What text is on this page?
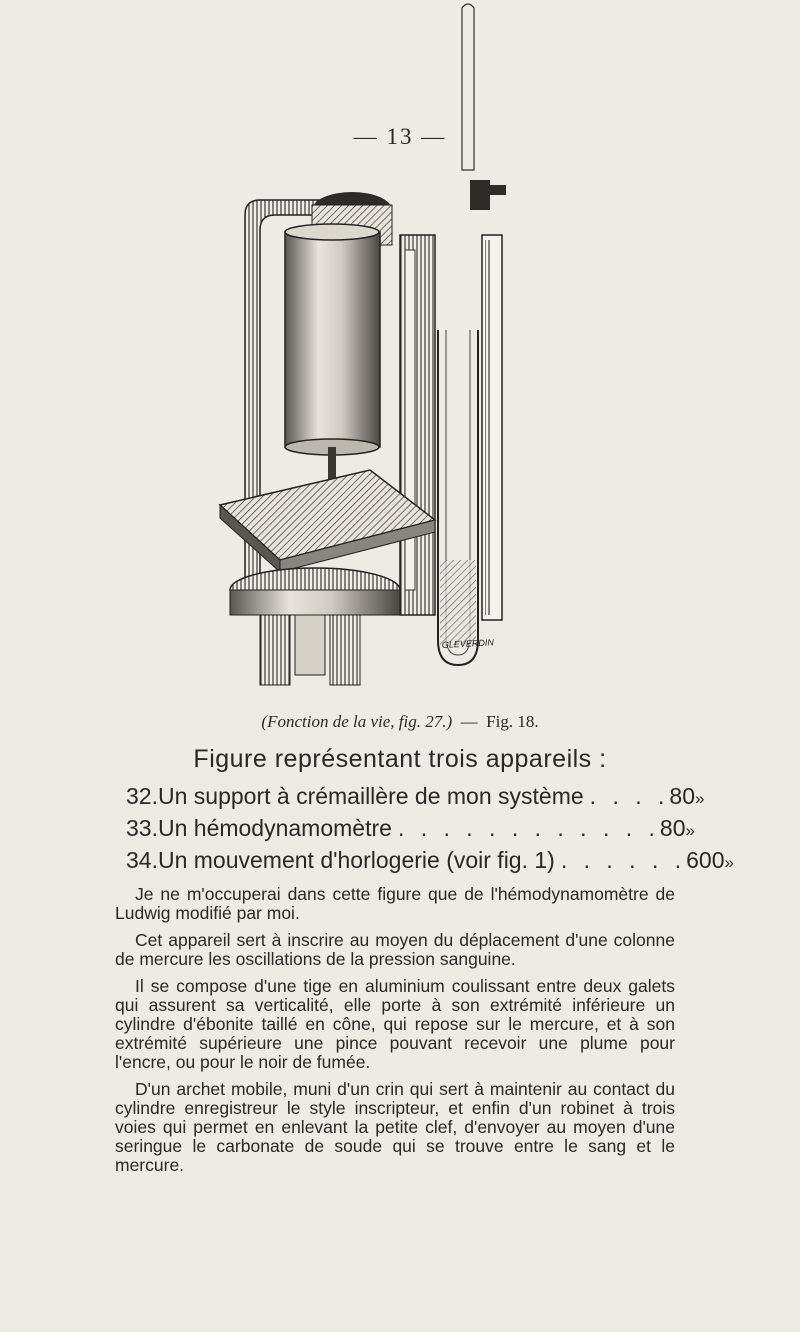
— 13 —
GLEVERDIN
(Fonction de la vie, fig. 27.) — Fig. 18.
Figure représentant trois appareils :
32. Un support à crémaillère de mon système . . . . 80 »
33. Un hémodynamomètre . . . . . . . . . . . . 80 »
34. Un mouvement d'horlogerie (voir fig. 1) . . . . . . 600 »

Je ne m'occuperai dans cette figure que de l'hémodynamomètre de Ludwig modifié par moi.

Cet appareil sert à inscrire au moyen du déplacement d'une colonne de mercure les oscillations de la pression sanguine.

Il se compose d'une tige en aluminium coulissant entre deux galets qui assurent sa verticalité, elle porte à son extrémité inférieure un cylindre d'ébonite taillé en cône, qui repose sur le mercure, et à son extrémité supérieure une pince pouvant recevoir une plume pour l'encre, ou pour le noir de fumée.

D'un archet mobile, muni d'un crin qui sert à maintenir au contact du cylindre enregistreur le style inscripteur, et enfin d'un robinet à trois voies qui permet en enlevant la petite clef, d'envoyer au moyen d'une seringue le carbonate de soude qui se trouve entre le sang et le mercure.
